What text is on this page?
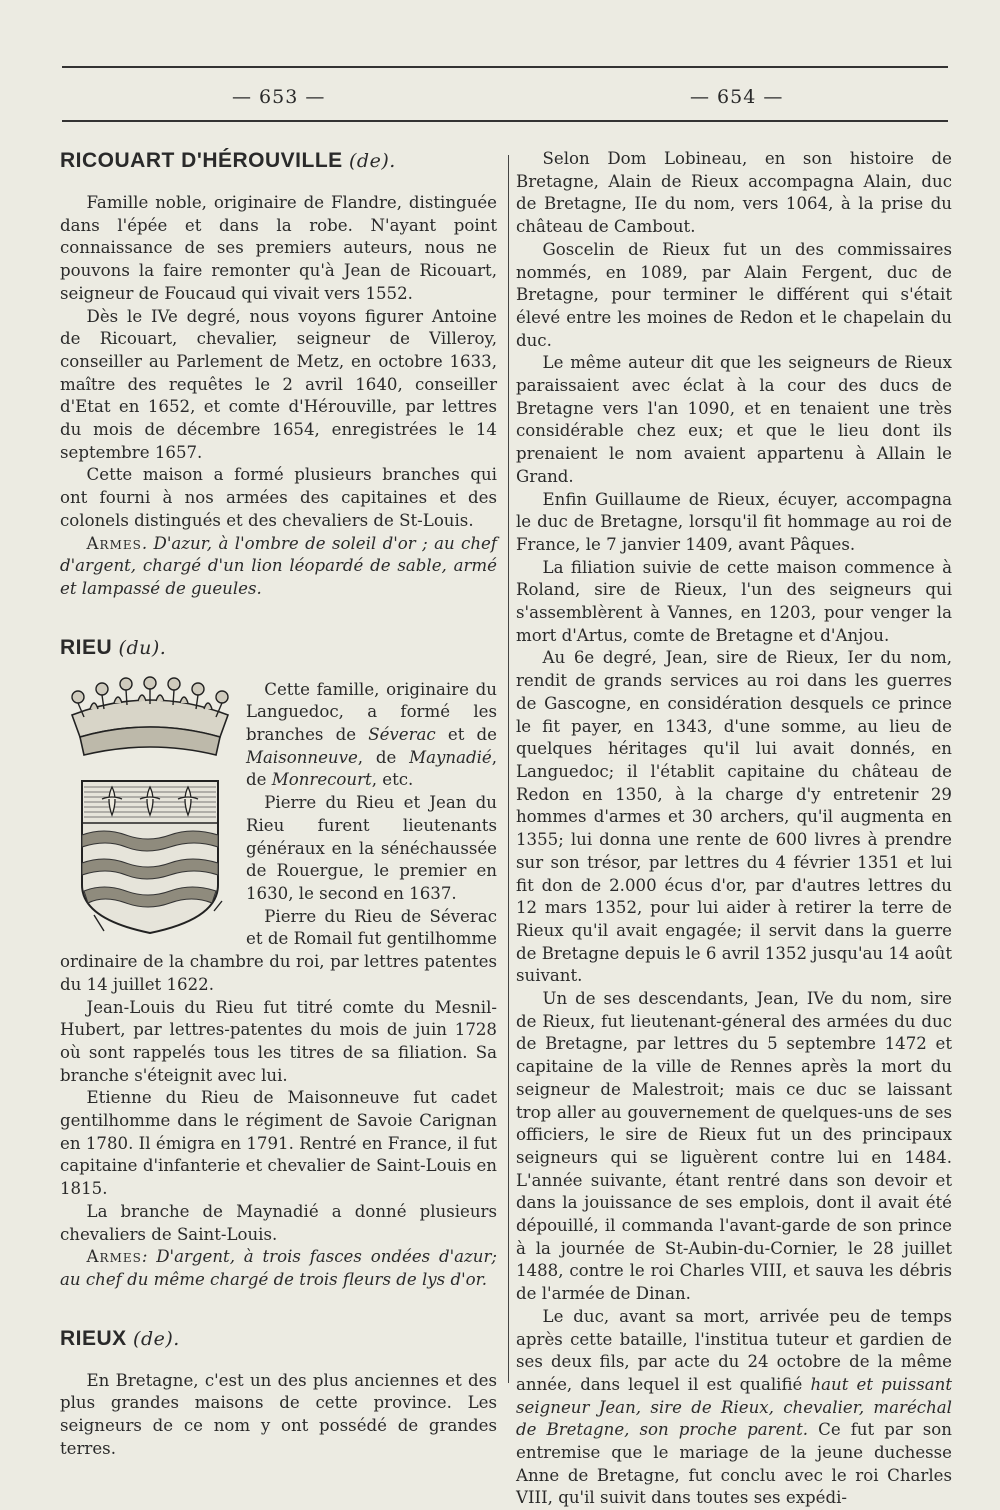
— 653 —	— 654 —
RICOUART D'HÉROUVILLE (de).

Famille noble, originaire de Flandre, distinguée dans l'épée et dans la robe. N'ayant point connaissance de ses premiers auteurs, nous ne pouvons la faire remonter qu'à Jean de Ricouart, seigneur de Foucaud qui vivait vers 1552.

Dès le IVe degré, nous voyons figurer Antoine de Ricouart, chevalier, seigneur de Villeroy, conseiller au Parlement de Metz, en octobre 1633, maître des requêtes le 2 avril 1640, conseiller d'Etat en 1652, et comte d'Hérouville, par lettres du mois de décembre 1654, enregistrées le 14 septembre 1657.

Cette maison a formé plusieurs branches qui ont fourni à nos armées des capitaines et des colonels distingués et des chevaliers de St-Louis.

Armes. D'azur, à l'ombre de soleil d'or ; au chef d'argent, chargé d'un lion léopardé de sable, armé et lampassé de gueules.

RIEU (du).

Cette famille, originaire du Languedoc, a formé les branches de Séverac et de Maisonneuve, de Maynadié, de Monrecourt, etc.

Pierre du Rieu et Jean du Rieu furent lieutenants généraux en la sénéchaussée de Rouergue, le premier en 1630, le second en 1637.

Pierre du Rieu de Séverac et de Romail fut gentilhomme ordinaire de la chambre du roi, par lettres patentes du 14 juillet 1622.

Jean-Louis du Rieu fut titré comte du Mesnil-Hubert, par lettres-patentes du mois de juin 1728 où sont rappelés tous les titres de sa filiation. Sa branche s'éteignit avec lui.

Etienne du Rieu de Maisonneuve fut cadet gentilhomme dans le régiment de Savoie Carignan en 1780. Il émigra en 1791. Rentré en France, il fut capitaine d'infanterie et chevalier de Saint-Louis en 1815.

La branche de Maynadié a donné plusieurs chevaliers de Saint-Louis.

Armes: D'argent, à trois fasces ondées d'azur; au chef du même chargé de trois fleurs de lys d'or.

RIEUX (de).

En Bretagne, c'est un des plus anciennes et des plus grandes maisons de cette province. Les seigneurs de ce nom y ont possédé de grandes terres.

Selon Dom Lobineau, en son histoire de Bretagne, Alain de Rieux accompagna Alain, duc de Bretagne, IIe du nom, vers 1064, à la prise du château de Cambout.

Goscelin de Rieux fut un des commissaires nommés, en 1089, par Alain Fergent, duc de Bretagne, pour terminer le différent qui s'était élevé entre les moines de Redon et le chapelain du duc.

Le même auteur dit que les seigneurs de Rieux paraissaient avec éclat à la cour des ducs de Bretagne vers l'an 1090, et en tenaient une très considérable chez eux; et que le lieu dont ils prenaient le nom avaient appartenu à Allain le Grand.

Enfin Guillaume de Rieux, écuyer, accompagna le duc de Bretagne, lorsqu'il fit hommage au roi de France, le 7 janvier 1409, avant Pâques.

La filiation suivie de cette maison commence à Roland, sire de Rieux, l'un des seigneurs qui s'assemblèrent à Vannes, en 1203, pour venger la mort d'Artus, comte de Bretagne et d'Anjou.

Au 6e degré, Jean, sire de Rieux, Ier du nom, rendit de grands services au roi dans les guerres de Gascogne, en considération desquels ce prince le fit payer, en 1343, d'une somme, au lieu de quelques héritages qu'il lui avait donnés, en Languedoc; il l'établit capitaine du château de Redon en 1350, à la charge d'y entretenir 29 hommes d'armes et 30 archers, qu'il augmenta en 1355; lui donna une rente de 600 livres à prendre sur son trésor, par lettres du 4 février 1351 et lui fit don de 2.000 écus d'or, par d'autres lettres du 12 mars 1352, pour lui aider à retirer la terre de Rieux qu'il avait engagée; il servit dans la guerre de Bretagne depuis le 6 avril 1352 jusqu'au 14 août suivant.

Un de ses descendants, Jean, IVe du nom, sire de Rieux, fut lieutenant-géneral des armées du duc de Bretagne, par lettres du 5 septembre 1472 et capitaine de la ville de Rennes après la mort du seigneur de Malestroit; mais ce duc se laissant trop aller au gouvernement de quelques-uns de ses officiers, le sire de Rieux fut un des principaux seigneurs qui se liguèrent contre lui en 1484. L'année suivante, étant rentré dans son devoir et dans la jouissance de ses emplois, dont il avait été dépouillé, il commanda l'avant-garde de son prince à la journée de St-Aubin-du-Cornier, le 28 juillet 1488, contre le roi Charles VIII, et sauva les débris de l'armée de Dinan.

Le duc, avant sa mort, arrivée peu de temps après cette bataille, l'institua tuteur et gardien de ses deux fils, par acte du 24 octobre de la même année, dans lequel il est qualifié haut et puissant seigneur Jean, sire de Rieux, chevalier, maréchal de Bretagne, son proche parent. Ce fut par son entremise que le mariage de la jeune duchesse Anne de Bretagne, fut conclu avec le roi Charles VIII, qu'il suivit dans toutes ses expédi-
